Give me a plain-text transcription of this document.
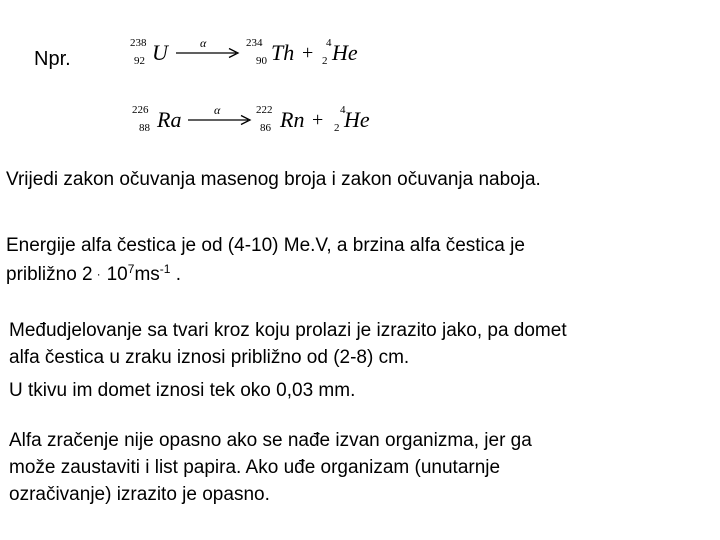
Npr.
238
92 U	α	234
90 Th + 4
2 He
226
88 Ra	α	222
86 Rn + 4
2 He
Vrijedi zakon očuvanja masenog broja i zakon očuvanja naboja.
Energije alfa čestica je od (4-10) Me.V, a brzina alfa čestica je
približno $2 \cdot 10^7ms^{-1}$ .
Međudjelovanje sa tvari kroz koju prolazi je izrazito jako, pa domet
alfa čestica u zraku iznosi približno od (2-8) cm.
U tkivu im domet iznosi tek oko 0,03 mm.
Alfa zračenje nije opasno ako se nađe izvan organizma, jer ga
može zaustaviti i list papira. Ako uđe organizam (unutarnje
ozračivanje) izrazito je opasno.
